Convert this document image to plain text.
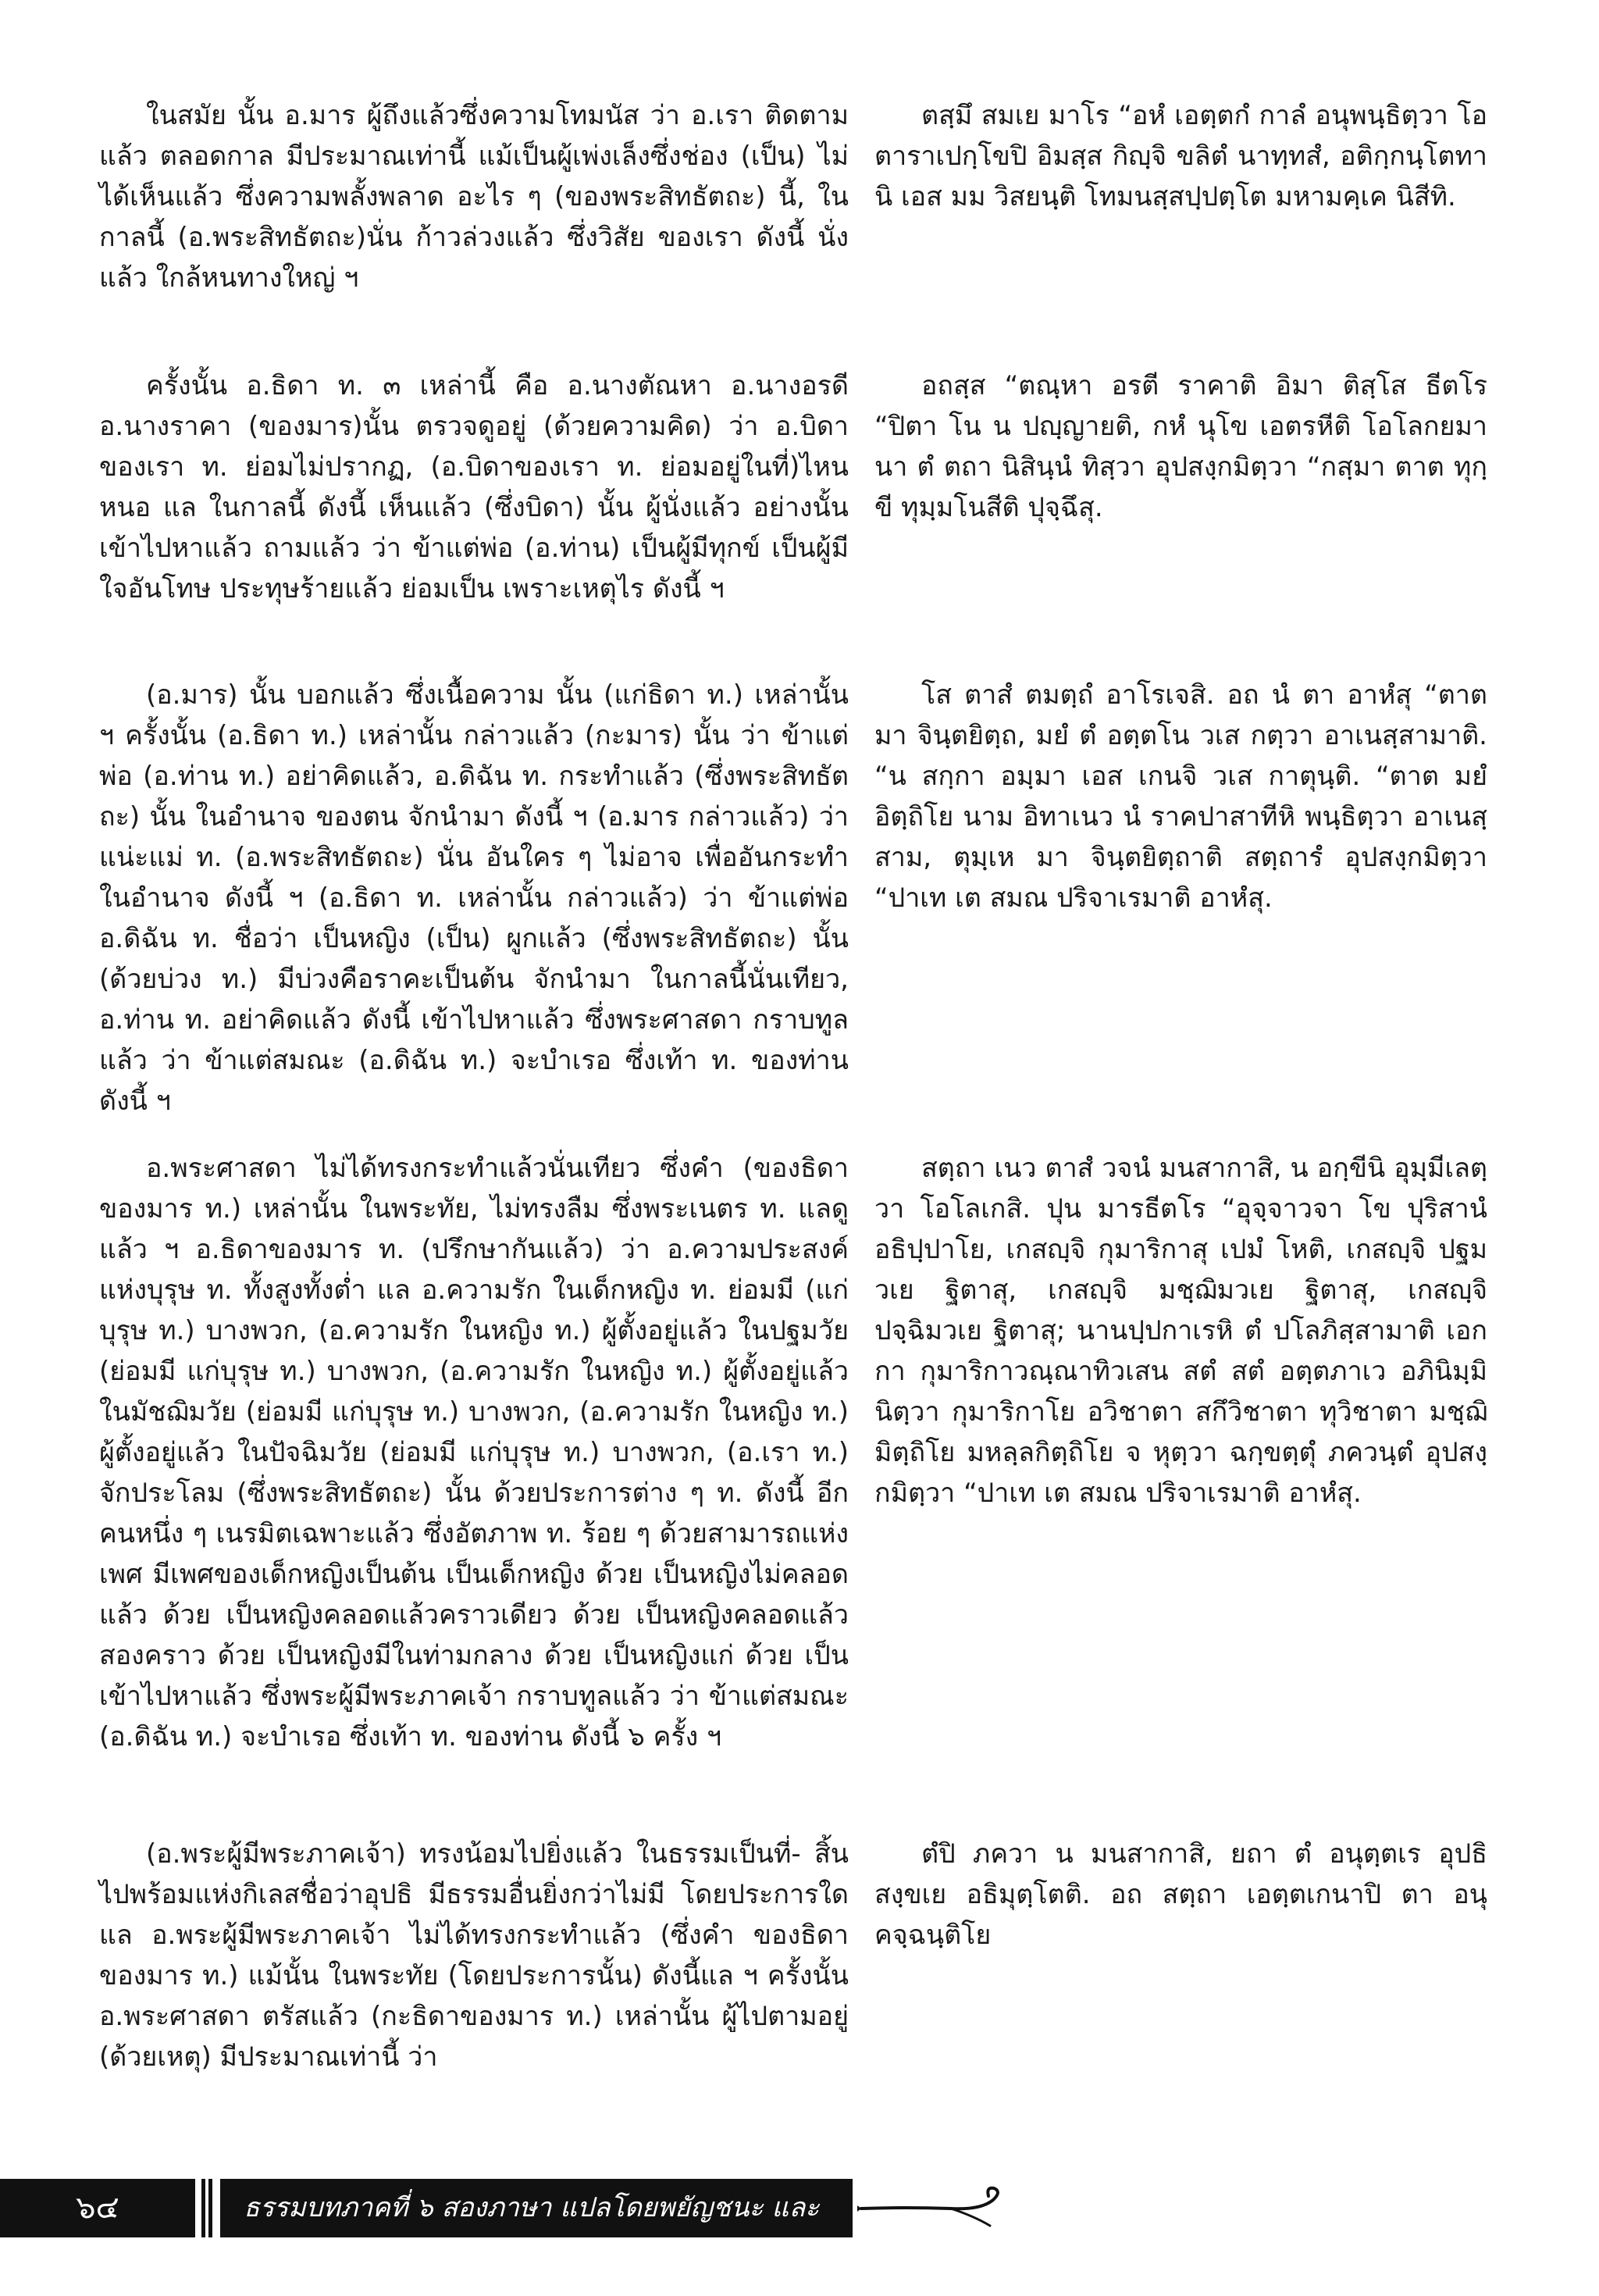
ในสมัย นั้น อ.มาร ผู้ถึงแล้วซึ่งความโทมนัส ว่า อ.เรา ติดตามแล้ว ตลอดกาล มีประมาณเท่านี้ แม้เป็นผู้เพ่งเล็งซึ่งช่อง (เป็น) ไม่ได้เห็นแล้ว ซึ่งความพลั้งพลาด อะไร ๆ (ของพระสิทธัตถะ) นี้, ในกาลนี้ (อ.พระสิทธัตถะ)นั่น ก้าวล่วงแล้ว ซึ่งวิสัย ของเรา ดังนี้ นั่งแล้ว ใกล้หนทางใหญ่ ฯ

ตสฺมึ สมเย มาโร “อหํ เอตฺตกํ กาลํ อนุพนฺธิตฺวา โอตาราเปกฺโขปิ อิมสฺส กิญฺจิ ขลิตํ นาทฺทสํ, อติกฺกนฺโตทานิ เอส มม วิสยนฺติ โทมนสฺสปฺปตฺโต มหามคฺเค นิสีทิ.

ครั้งนั้น อ.ธิดา ท. ๓ เหล่านี้ คือ อ.นางตัณหา อ.นางอรดี อ.นางราคา (ของมาร)นั้น ตรวจดูอยู่ (ด้วยความคิด) ว่า อ.บิดา ของเรา ท. ย่อมไม่ปรากฏ, (อ.บิดาของเรา ท. ย่อมอยู่ในที่)ไหนหนอ แล ในกาลนี้ ดังนี้ เห็นแล้ว (ซึ่งบิดา) นั้น ผู้นั่งแล้ว อย่างนั้น เข้าไปหาแล้ว ถามแล้ว ว่า ข้าแต่พ่อ (อ.ท่าน) เป็นผู้มีทุกข์ เป็นผู้มีใจอันโทษ ประทุษร้ายแล้ว ย่อมเป็น เพราะเหตุไร ดังนี้ ฯ

อถสฺส “ตณฺหา อรตี ราคาติ อิมา ติสฺโส ธีตโร “ปิตา โน น ปญฺญายติ, กหํ นุโข เอตรหีติ โอโลกยมานา ตํ ตถา นิสินฺนํ ทิสฺวา อุปสงฺกมิตฺวา “กสฺมา ตาต ทุกฺขี ทุมฺมโนสีติ ปุจฺฉึสุ.

(อ.มาร) นั้น บอกแล้ว ซึ่งเนื้อความ นั้น (แก่ธิดา ท.) เหล่านั้น ฯ ครั้งนั้น (อ.ธิดา ท.) เหล่านั้น กล่าวแล้ว (กะมาร) นั้น ว่า ข้าแต่พ่อ (อ.ท่าน ท.) อย่าคิดแล้ว, อ.ดิฉัน ท. กระทำแล้ว (ซึ่งพระสิทธัตถะ) นั้น ในอำนาจ ของตน จักนำมา ดังนี้ ฯ (อ.มาร กล่าวแล้ว) ว่า แน่ะแม่ ท. (อ.พระสิทธัตถะ) นั่น อันใคร ๆ ไม่อาจ เพื่ออันกระทำ ในอำนาจ ดังนี้ ฯ (อ.ธิดา ท. เหล่านั้น กล่าวแล้ว) ว่า ข้าแต่พ่อ อ.ดิฉัน ท. ชื่อว่า เป็นหญิง (เป็น) ผูกแล้ว (ซึ่งพระสิทธัตถะ) นั้น (ด้วยบ่วง ท.) มีบ่วงคือราคะเป็นต้น จักนำมา ในกาลนี้นั่นเทียว, อ.ท่าน ท. อย่าคิดแล้ว ดังนี้ เข้าไปหาแล้ว ซึ่งพระศาสดา กราบทูลแล้ว ว่า ข้าแต่สมณะ (อ.ดิฉัน ท.) จะบำเรอ ซึ่งเท้า ท. ของท่าน ดังนี้ ฯ

โส ตาสํ ตมตฺถํ อาโรเจสิ. อถ นํ ตา อาหํสุ “ตาต มา จินฺตยิตฺถ, มยํ ตํ อตฺตโน วเส กตฺวา อาเนสฺสามาติ. “น สกฺกา อมฺมา เอส เกนจิ วเส กาตุนฺติ. “ตาต มยํ อิตฺถิโย นาม อิทาเนว นํ ราคปาสาทีหิ พนฺธิตฺวา อาเนสฺสาม, ตุมฺเห มา จินฺตยิตฺถาติ สตฺถารํ อุปสงฺกมิตฺวา “ปาเท เต สมณ ปริจาเรมาติ อาหํสุ.

อ.พระศาสดา ไม่ได้ทรงกระทำแล้วนั่นเทียว ซึ่งคำ (ของธิดา ของมาร ท.) เหล่านั้น ในพระทัย, ไม่ทรงลืม ซึ่งพระเนตร ท. แลดูแล้ว ฯ อ.ธิดาของมาร ท. (ปรึกษากันแล้ว) ว่า อ.ความประสงค์ แห่งบุรุษ ท. ทั้งสูงทั้งต่ำ แล อ.ความรัก ในเด็กหญิง ท. ย่อมมี (แก่บุรุษ ท.) บางพวก, (อ.ความรัก ในหญิง ท.) ผู้ตั้งอยู่แล้ว ในปฐมวัย (ย่อมมี แก่บุรุษ ท.) บางพวก, (อ.ความรัก ในหญิง ท.) ผู้ตั้งอยู่แล้ว ในมัชฌิมวัย (ย่อมมี แก่บุรุษ ท.) บางพวก, (อ.ความรัก ในหญิง ท.) ผู้ตั้งอยู่แล้ว ในปัจฉิมวัย (ย่อมมี แก่บุรุษ ท.) บางพวก, (อ.เรา ท.) จักประโลม (ซึ่งพระสิทธัตถะ) นั้น ด้วยประการต่าง ๆ ท. ดังนี้ อีก คนหนึ่ง ๆ เนรมิตเฉพาะแล้ว ซึ่งอัตภาพ ท. ร้อย ๆ ด้วยสามารถแห่งเพศ มีเพศของเด็กหญิงเป็นต้น เป็นเด็กหญิง ด้วย เป็นหญิงไม่คลอดแล้ว ด้วย เป็นหญิงคลอดแล้วคราวเดียว ด้วย เป็นหญิงคลอดแล้ว สองคราว ด้วย เป็นหญิงมีในท่ามกลาง ด้วย เป็นหญิงแก่ ด้วย เป็น เข้าไปหาแล้ว ซึ่งพระผู้มีพระภาคเจ้า กราบทูลแล้ว ว่า ข้าแต่สมณะ (อ.ดิฉัน ท.) จะบำเรอ ซึ่งเท้า ท. ของท่าน ดังนี้ ๖ ครั้ง ฯ

สตฺถา เนว ตาสํ วจนํ มนสากาสิ, น อกฺขีนิ อุมฺมีเลตฺวา โอโลเกสิ. ปุน มารธีตโร “อุจฺจาวจา โข ปุริสานํ อธิปฺปาโย, เกสญฺจิ กุมาริกาสุ เปมํ โหติ, เกสญฺจิ ปฐมวเย ฐิตาสุ, เกสญฺจิ มชฺฌิมวเย ฐิตาสุ, เกสญฺจิ ปจฺฉิมวเย ฐิตาสุ; นานปฺปกาเรหิ ตํ ปโลภิสฺสามาติ เอกกา กุมาริกาวณฺณาทิวเสน สตํ สตํ อตฺตภาเว อภินิมฺมินิตฺวา กุมาริกาโย อวิชาตา สกึวิชาตา ทุวิชาตา มชฺฌิมิตฺถิโย มหลฺลกิตฺถิโย จ หุตฺวา ฉกฺขตฺตุํ ภควนฺตํ อุปสงฺกมิตฺวา “ปาเท เต สมณ ปริจาเรมาติ อาหํสุ.

(อ.พระผู้มีพระภาคเจ้า) ทรงน้อมไปยิ่งแล้ว ในธรรมเป็นที่- สิ้นไปพร้อมแห่งกิเลสชื่อว่าอุปธิ มีธรรมอื่นยิ่งกว่าไม่มี โดยประการใด แล อ.พระผู้มีพระภาคเจ้า ไม่ได้ทรงกระทำแล้ว (ซึ่งคำ ของธิดา ของมาร ท.) แม้นั้น ในพระทัย (โดยประการนั้น) ดังนี้แล ฯ ครั้งนั้น อ.พระศาสดา ตรัสแล้ว (กะธิดาของมาร ท.) เหล่านั้น ผู้ไปตามอยู่ (ด้วยเหตุ) มีประมาณเท่านี้ ว่า

ตํปิ ภควา น มนสากาสิ, ยถา ตํ อนุตฺตเร อุปธิสงฺขเย อธิมุตฺโตติ. อถ สตฺถา เอตฺตเกนาปิ ตา อนุคจฺฉนฺติโย

๖๔	ธรรมบทภาคที่ ๖ สองภาษา แปลโดยพยัญชนะ และ บาลี
